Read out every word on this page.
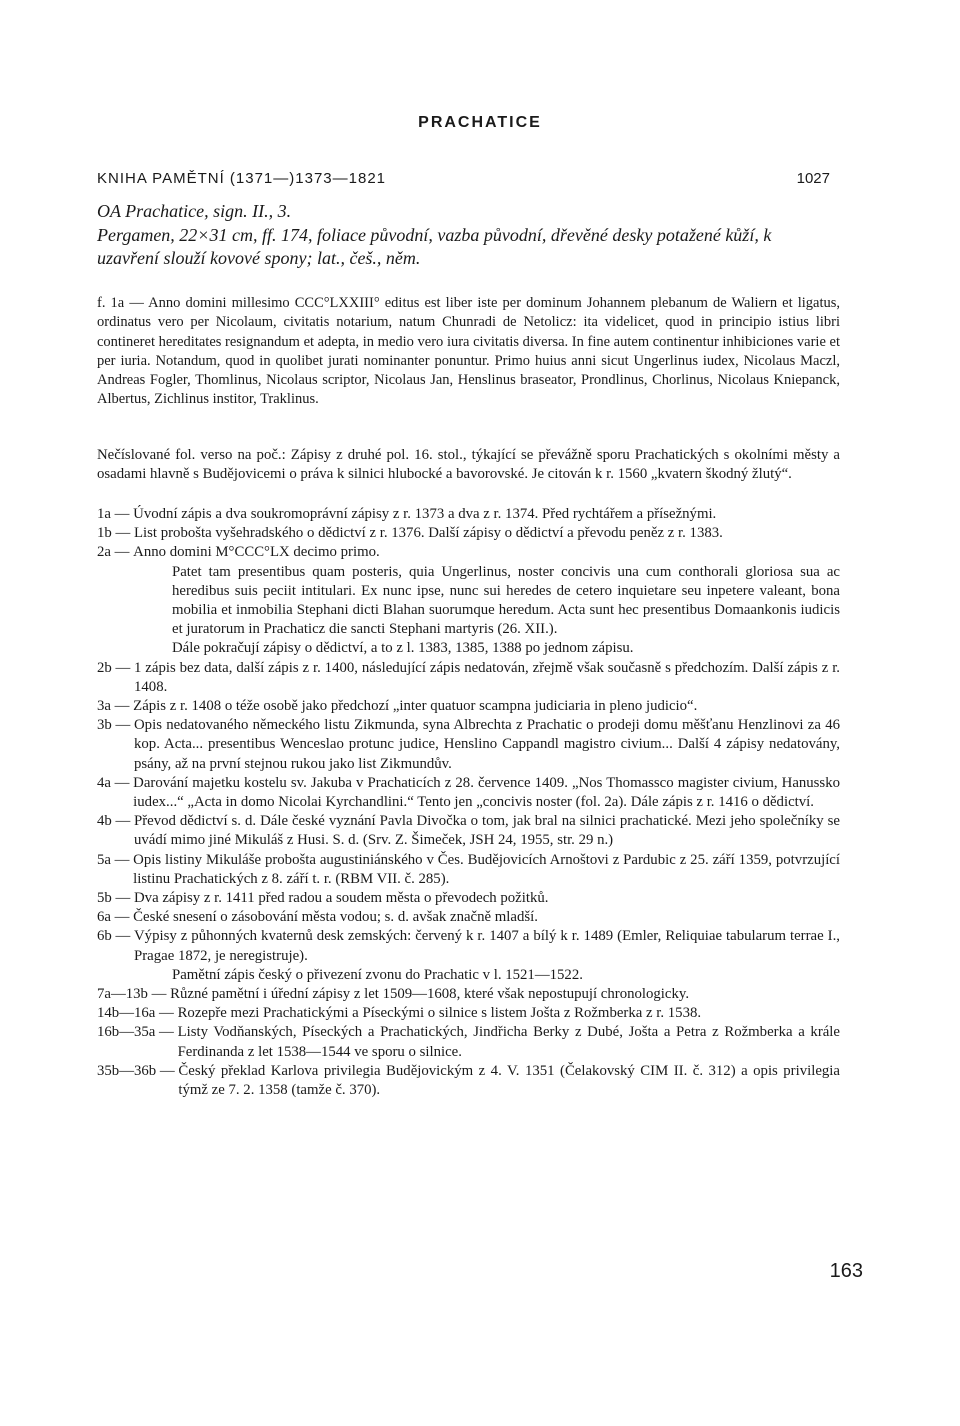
PRACHATICE
KNIHA PAMĚTNÍ (1371—)1373—1821	1027
OA Prachatice, sign. II., 3.
Pergamen, 22×31 cm, ff. 174, foliace původní, vazba původní, dřevěné desky potažené kůží, k uzavření slouží kovové spony; lat., češ., něm.
f. 1a — Anno domini millesimo CCC°LXXIII° editus est liber iste per dominum Johannem plebanum de Waliern et ligatus, ordinatus vero per Nicolaum, civitatis notarium, natum Chunradi de Netolicz: ita videlicet, quod in principio istius libri contineret hereditates resignandum et adepta, in medio vero iura civitatis diversa. In fine autem continentur inhibiciones varie et per iuria. Notandum, quod in quolibet jurati nominanter ponuntur. Primo huius anni sicut Ungerlinus iudex, Nicolaus Maczl, Andreas Fogler, Thomlinus, Nicolaus scriptor, Nicolaus Jan, Henslinus braseator, Prondlinus, Chorlinus, Nicolaus Kniepanck, Albertus, Zichlinus institor, Traklinus.
Nečíslované fol. verso na poč.: Zápisy z druhé pol. 16. stol., týkající se převážně sporu Prachatických s okolními městy a osadami hlavně s Budějovicemi o práva k silnici hlubocké a bavorovské. Je citován k r. 1560 „kvatern škodný žlutý“.
1a — Úvodní zápis a dva soukromoprávní zápisy z r. 1373 a dva z r. 1374. Před rychtářem a přísežnými.
1b — List proboštа vyšehradského o dědictví z r. 1376. Další zápisy o dědictví a převodu peněz z r. 1383.
2a — Anno domini M°CCC°LX decimo primo.
Patet tam presentibus quam posteris, quia Ungerlinus, noster concivis una cum conthorali gloriosa sua ac heredibus suis peciit intitulari. Ex nunc ipse, nunc sui heredes de cetero inquietare seu inpetere valeant, bona mobilia et inmobilia Stephani dicti Blahan suorumque heredum. Acta sunt hec presentibus Domaankonis iudicis et juratorum in Prachaticz die sancti Stephani martyris (26. XII.).
Dále pokračují zápisy o dědictví, a to z l. 1383, 1385, 1388 po jednom zápisu.
2b — 1 zápis bez data, další zápis z r. 1400, následující zápis nedatován, zřejmě však současně s předchozím. Další zápis z r. 1408.
3a — Zápis z r. 1408 o téže osobě jako předchozí „inter quatuor scampna judiciaria in pleno judicio“.
3b — Opis nedatovaného německého listu Zikmunda, syna Albrechta z Prachatic o prodeji domu měšťanu Henzlinovi za 46 kop. Acta... presentibus Wenceslao protunc judice, Henslino Cappandl magistro civium... Další 4 zápisy nedatovány, psány, až na první stejnou rukou jako list Zikmundův.
4a — Darování majetku kostelu sv. Jakuba v Prachaticích z 28. července 1409. „Nos Thomassco magister civium, Hanussko iudex...“ „Acta in domo Nicolai Kyrchandlini.“ Tento jen „concivis noster (fol. 2a). Dále zápis z r. 1416 o dědictví.
4b — Převod dědictví s. d. Dále české vyznání Pavla Divočka o tom, jak bral na silnici prachatické. Mezi jeho společníky se uvádí mimo jiné Mikuláš z Husi. S. d. (Srv. Z. Šimeček, JSH 24, 1955, str. 29 n.)
5a — Opis listiny Mikuláše probošta augustiniánského v Čes. Budějovicích Arnoštovi z Pardubic z 25. září 1359, potvrzující listinu Prachatických z 8. září t. r. (RBM VII. č. 285).
5b — Dva zápisy z r. 1411 před radou a soudem města o převodech požitků.
6a — České snesení o zásobování města vodou; s. d. avšak značně mladší.
6b — Výpisy z půhonných kvaternů desk zemských: červený k r. 1407 a bílý k r. 1489 (Emler, Reliquiae tabularum terrae I., Pragae 1872, je neregistruje).
Pamětní zápis český o přivezení zvonu do Prachatic v l. 1521—1522.
7a—13b — Různé pamětní i úřední zápisy z let 1509—1608, které však nepostupují chronologicky.
14b—16a — Rozepře mezi Prachatickými a Píseckými o silnice s listem Jošta z Rožmberka z r. 1538.
16b—35a — Listy Vodňanských, Píseckých a Prachatických, Jindřicha Berky z Dubé, Jošta a Petra z Rožmberka a krále Ferdinanda z let 1538—1544 ve sporu o silnice.
35b—36b — Český překlad Karlova privilegia Budějovickým z 4. V. 1351 (Čelakovský CIM II. č. 312) a opis privilegia týmž ze 7. 2. 1358 (tamže č. 370).
163
